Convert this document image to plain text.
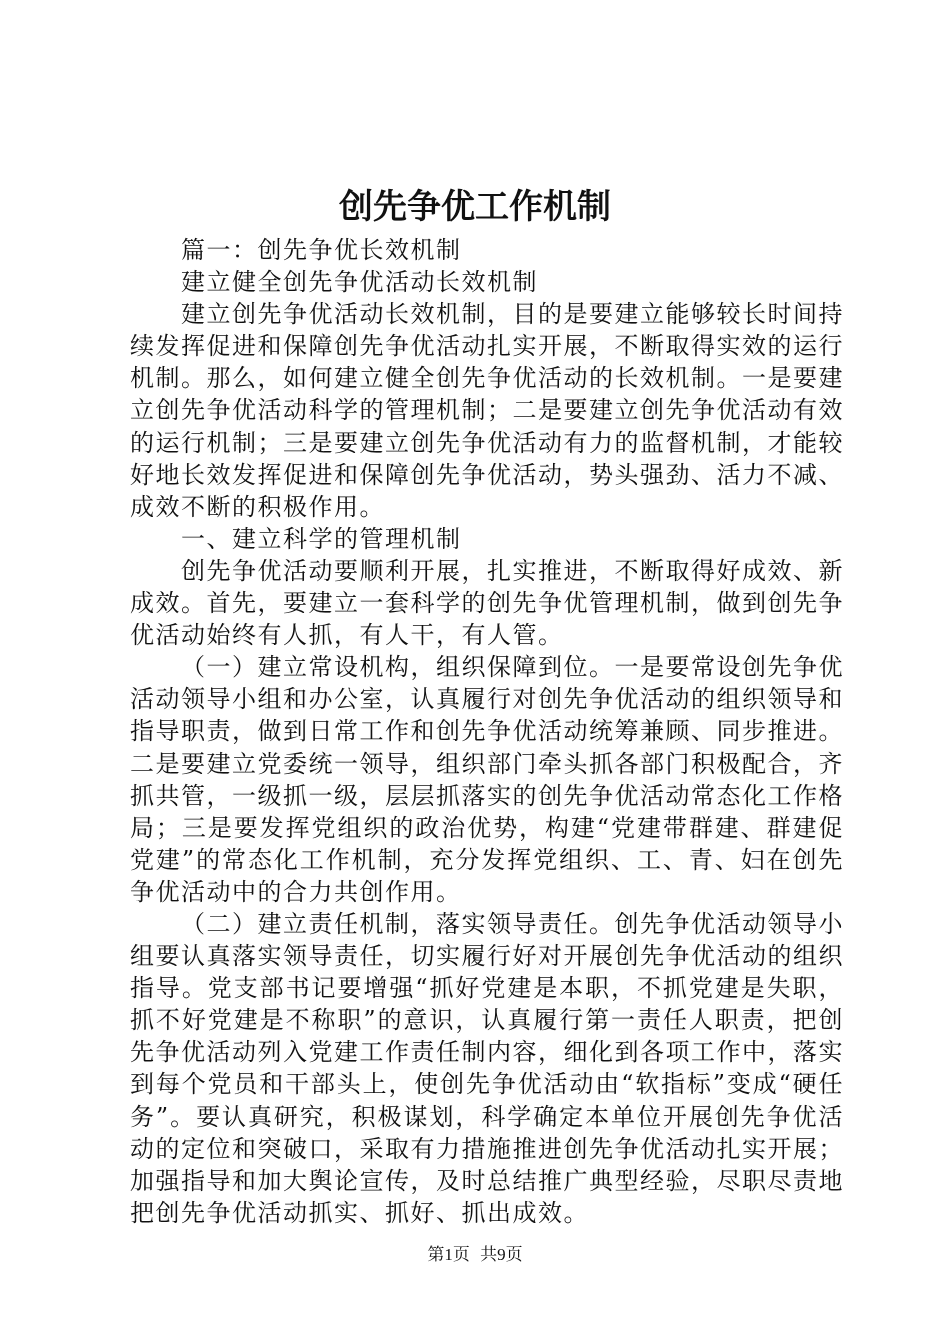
创先争优工作机制

篇一：创先争优长效机制

建立健全创先争优活动长效机制

建立创先争优活动长效机制，目的是要建立能够较长时间持续发挥促进和保障创先争优活动扎实开展，不断取得实效的运行机制。那么，如何建立健全创先争优活动的长效机制。一是要建立创先争优活动科学的管理机制；二是要建立创先争优活动有效的运行机制；三是要建立创先争优活动有力的监督机制，才能较好地长效发挥促进和保障创先争优活动，势头强劲、活力不减、成效不断的积极作用。

一、建立科学的管理机制

创先争优活动要顺利开展，扎实推进，不断取得好成效、新成效。首先，要建立一套科学的创先争优管理机制，做到创先争优活动始终有人抓，有人干，有人管。

（一）建立常设机构，组织保障到位。一是要常设创先争优活动领导小组和办公室，认真履行对创先争优活动的组织领导和指导职责，做到日常工作和创先争优活动统筹兼顾、同步推进。二是要建立党委统一领导，组织部门牵头抓各部门积极配合，齐抓共管，一级抓一级，层层抓落实的创先争优活动常态化工作格局；三是要发挥党组织的政治优势，构建“党建带群建、群建促党建”的常态化工作机制，充分发挥党组织、工、青、妇在创先争优活动中的合力共创作用。

（二）建立责任机制，落实领导责任。创先争优活动领导小组要认真落实领导责任，切实履行好对开展创先争优活动的组织指导。党支部书记要增强“抓好党建是本职，不抓党建是失职，抓不好党建是不称职”的意识，认真履行第一责任人职责，把创先争优活动列入党建工作责任制内容，细化到各项工作中，落实到每个党员和干部头上，使创先争优活动由“软指标”变成“硬任务”。要认真研究，积极谋划，科学确定本单位开展创先争优活动的定位和突破口，采取有力措施推进创先争优活动扎实开展；加强指导和加大舆论宣传，及时总结推广典型经验，尽职尽责地把创先争优活动抓实、抓好、抓出成效。

第1页 共9页
